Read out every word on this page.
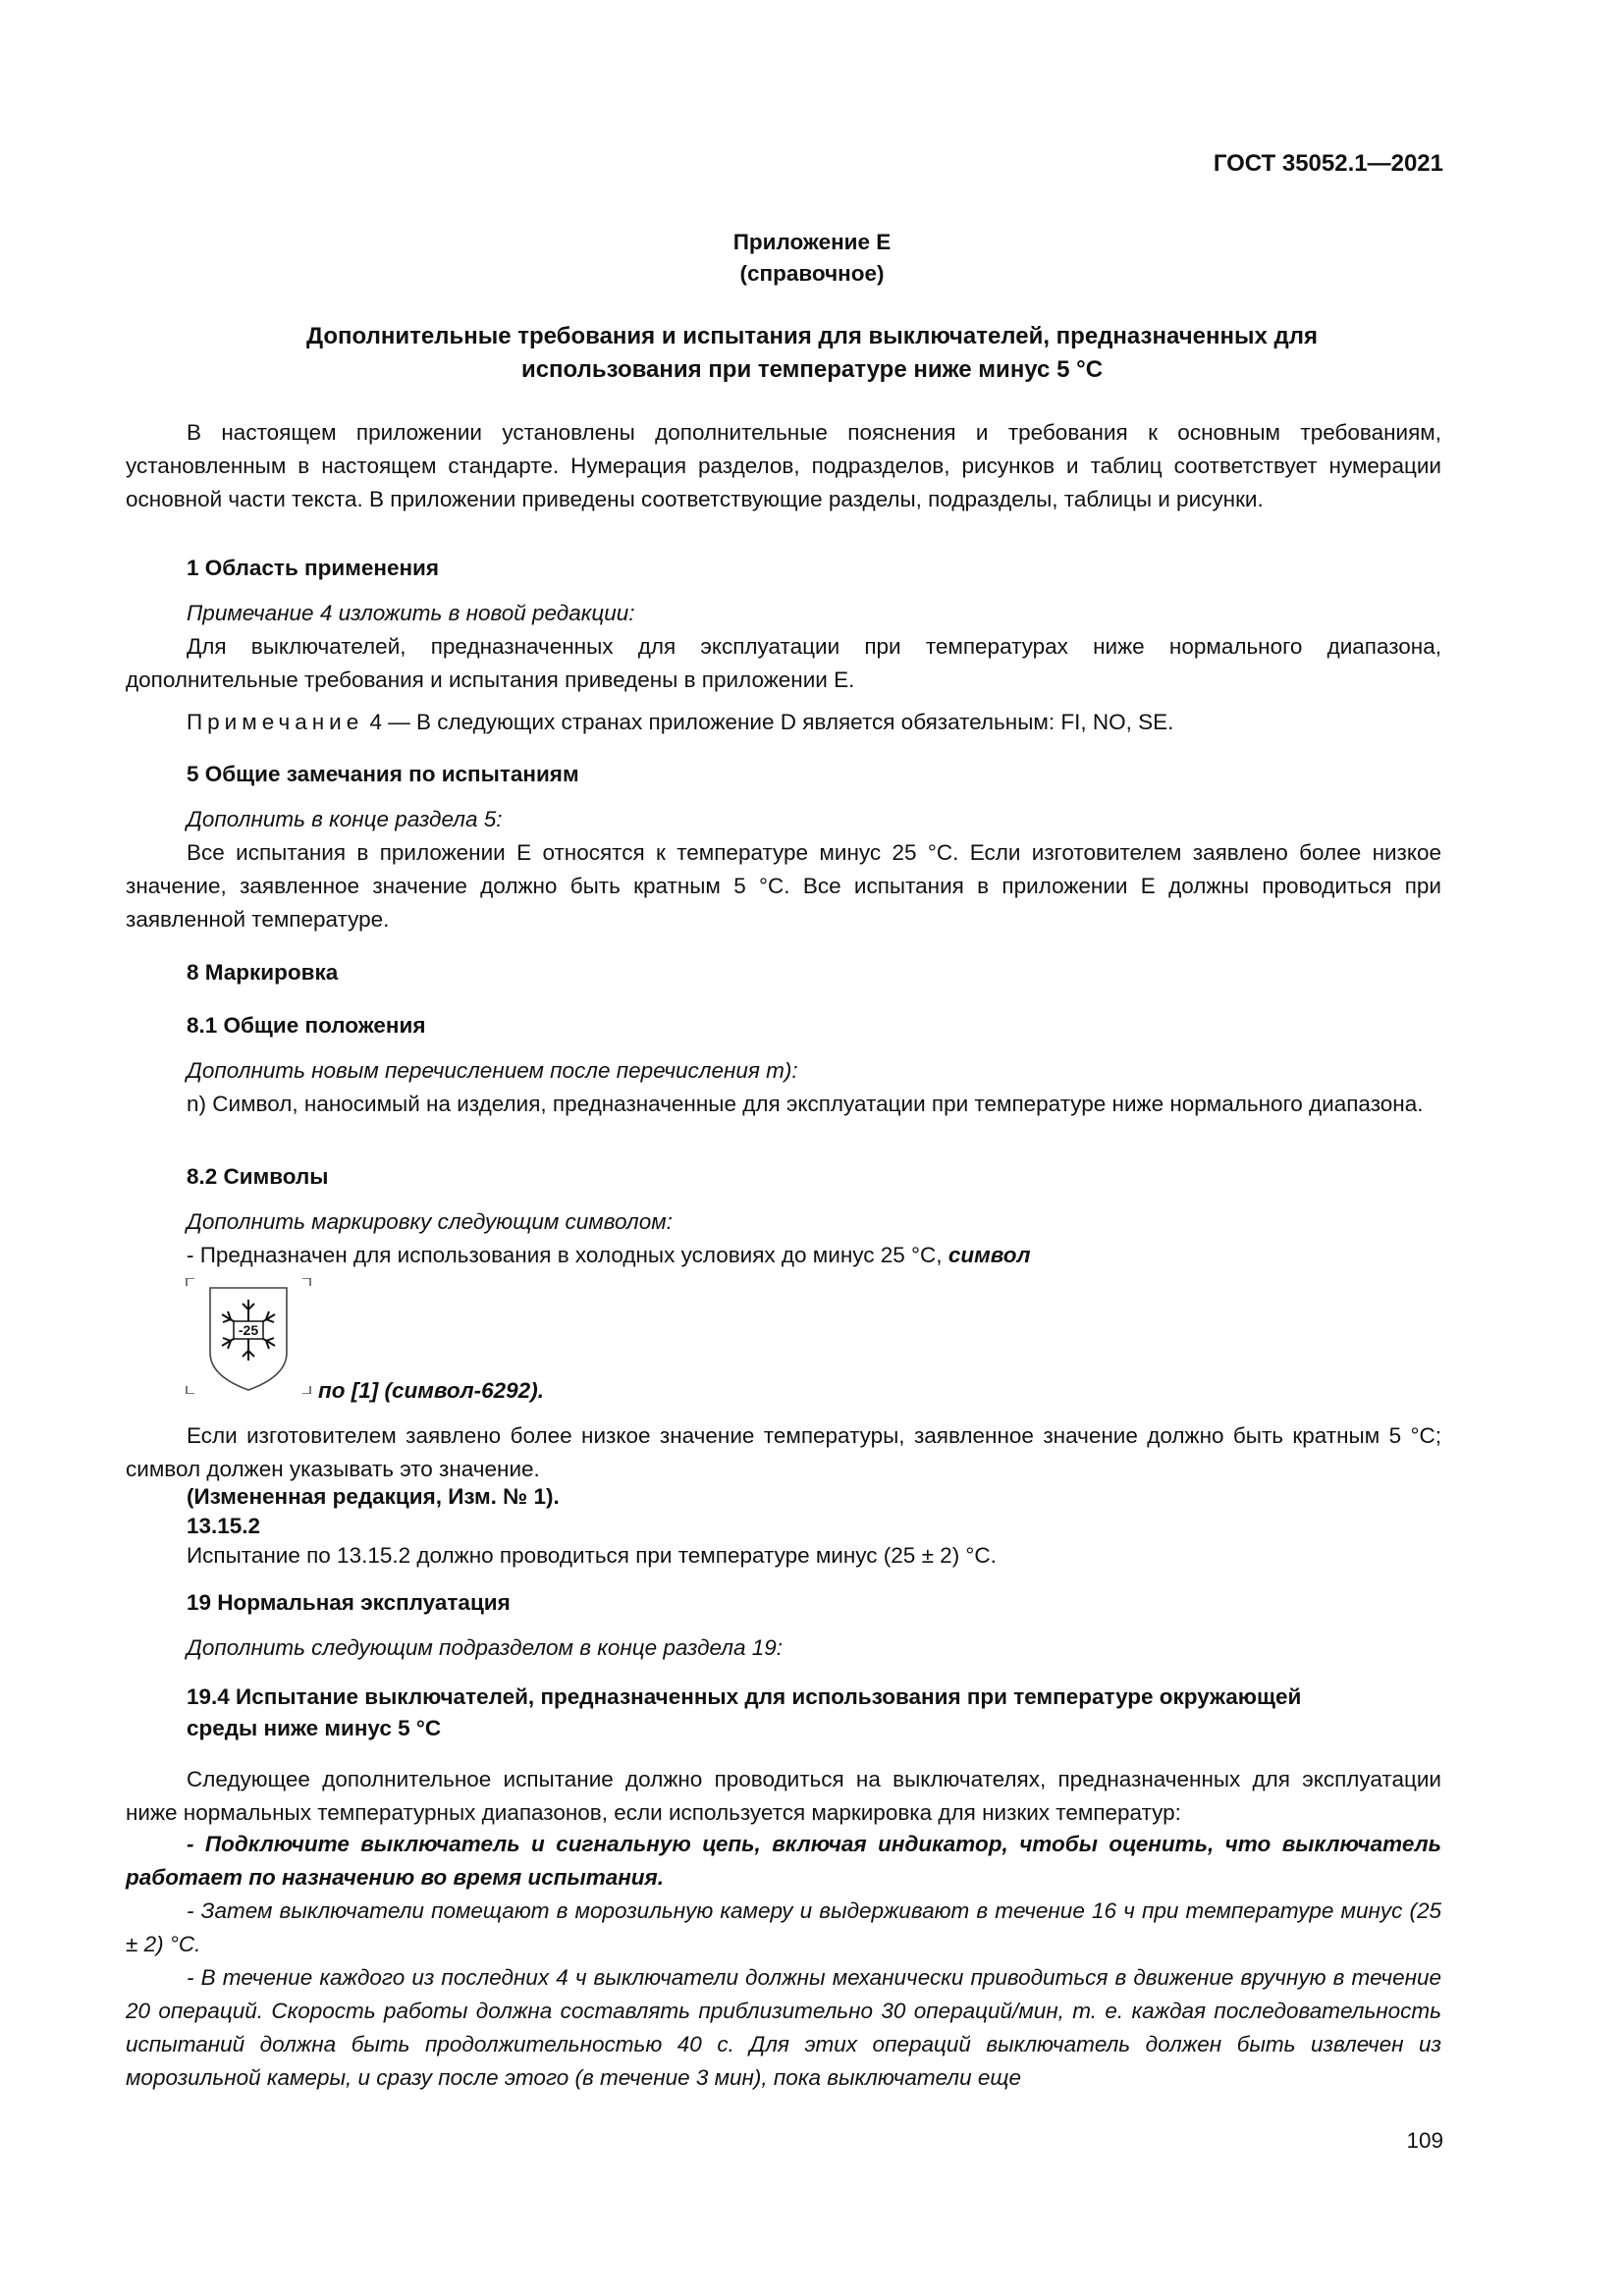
ГОСТ 35052.1—2021
Приложение Е
(справочное)
Дополнительные требования и испытания для выключателей, предназначенных для
использования при температуре ниже минус 5 °С

В настоящем приложении установлены дополнительные пояснения и требования к основным требованиям, установленным в настоящем стандарте. Нумерация разделов, подразделов, рисунков и таблиц соответствует нумерации основной части текста. В приложении приведены соответствующие разделы, подразделы, таблицы и рисунки.

1 Область применения
Примечание 4 изложить в новой редакции:

Для выключателей, предназначенных для эксплуатации при температурах ниже нормального диапазона, дополнительные требования и испытания приведены в приложении Е.

Примечание 4 — В следующих странах приложение D является обязательным: FI, NO, SE.
5 Общие замечания по испытаниям
Дополнить в конце раздела 5:

Все испытания в приложении Е относятся к температуре минус 25 °С. Если изготовителем заявлено более низкое значение, заявленное значение должно быть кратным 5 °С. Все испытания в приложении Е должны проводиться при заявленной температуре.

8 Маркировка
8.1 Общие положения
Дополнить новым перечислением после перечисления m):

n) Символ, наносимый на изделия, предназначенные для эксплуатации при температуре ниже нормального диапазона.

8.2 Символы
Дополнить маркировку следующим символом:
- Предназначен для использования в холодных условиях до минус 25 °С, символ
-25
по [1] (символ-6292).

Если изготовителем заявлено более низкое значение температуры, заявленное значение должно быть кратным 5 °С; символ должен указывать это значение.

(Измененная редакция, Изм. № 1).
13.15.2
Испытание по 13.15.2 должно проводиться при температуре минус (25 ± 2) °С.
19 Нормальная эксплуатация
Дополнить следующим подразделом в конце раздела 19:
19.4 Испытание выключателей, предназначенных для использования при температуре окружающей
среды ниже минус 5 °С

Следующее дополнительное испытание должно проводиться на выключателях, предназначенных для эксплуатации ниже нормальных температурных диапазонов, если используется маркировка для низких температур:

- Подключите выключатель и сигнальную цепь, включая индикатор, чтобы оценить, что выключатель работает по назначению во время испытания.

- Затем выключатели помещают в морозильную камеру и выдерживают в течение 16 ч при температуре минус (25 ± 2) °С.

- В течение каждого из последних 4 ч выключатели должны механически приводиться в движение вручную в течение 20 операций. Скорость работы должна составлять приблизительно 30 операций/мин, т. е. каждая последовательность испытаний должна быть продолжительностью 40 с. Для этих операций выключатель должен быть извлечен из морозильной камеры, и сразу после этого (в течение 3 мин), пока выключатели еще

109
